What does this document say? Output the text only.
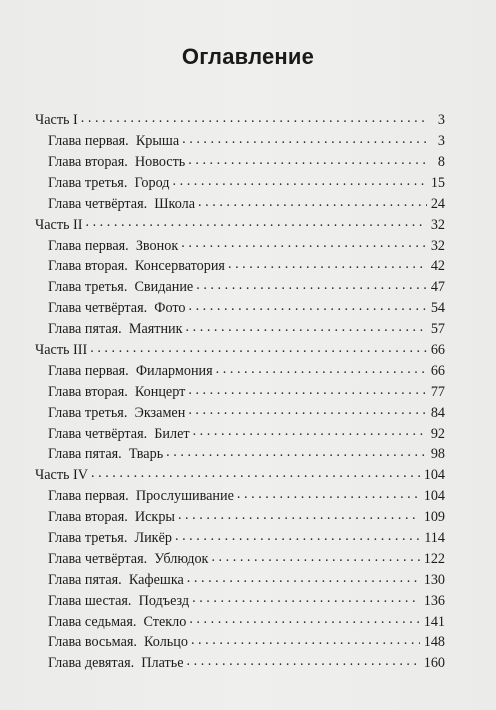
Оглавление
Часть I . . .	3
Глава первая. Крыша . . .	3
Глава вторая. Новость . . .	8
Глава третья. Город . . .	15
Глава четвёртая. Школа . . .	24
Часть II . . .	32
Глава первая. Звонок . . .	32
Глава вторая. Консерватория . . .	42
Глава третья. Свидание . . .	47
Глава четвёртая. Фото . . .	54
Глава пятая. Маятник . . .	57
Часть III . . .	66
Глава первая. Филармония . . .	66
Глава вторая. Концерт . . .	77
Глава третья. Экзамен . . .	84
Глава четвёртая. Билет . . .	92
Глава пятая. Тварь . . .	98
Часть IV . . .	104
Глава первая. Прослушивание . . .	104
Глава вторая. Искры . . .	109
Глава третья. Ликёр . . .	114
Глава четвёртая. Ублюдок . . .	122
Глава пятая. Кафешка . . .	130
Глава шестая. Подъезд . . .	136
Глава седьмая. Стекло . . .	141
Глава восьмая. Кольцо . . .	148
Глава девятая. Платье . . .	160
